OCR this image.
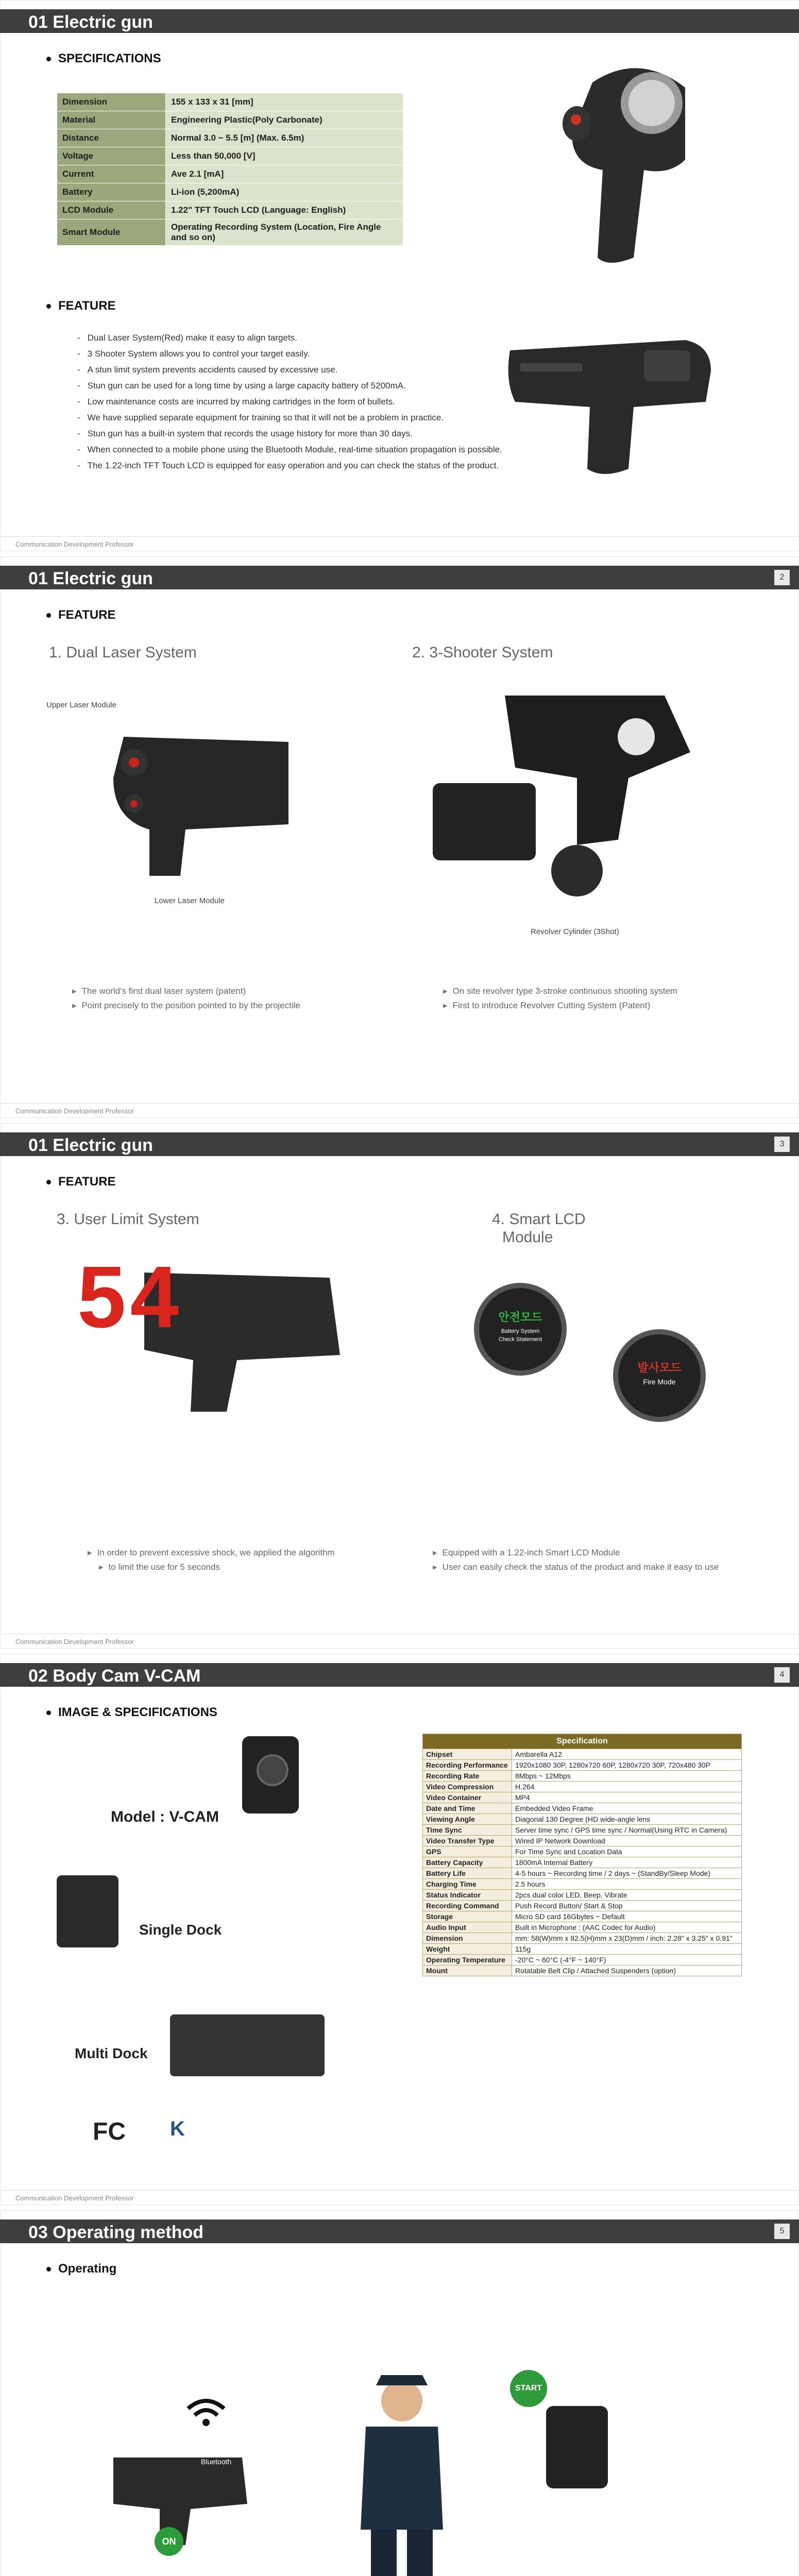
01 Electric gun
SPECIFICATIONS
Dimension	155 x 133 x 31 [mm]
Material	Engineering Plastic(Poly Carbonate)
Distance	Normal 3.0 ~ 5.5 [m] (Max. 6.5m)
Voltage	Less than 50,000 [V]
Current	Ave 2.1 [mA]
Battery	Li-ion (5,200mA)
LCD Module	1.22" TFT Touch LCD (Language: English)
Smart Module	Operating Recording System (Location, Fire Angle and so on)
FEATURE
- Dual Laser System(Red) make it easy to align targets.
- 3 Shooter System allows you to control your target easily.
- A stun limit system prevents accidents caused by excessive use.
- Stun gun can be used for a long time by using a large capacity battery of 5200mA.
- Low maintenance costs are incurred by making cartridges in the form of bullets.
- We have supplied separate equipment for training so that it will not be a problem in practice.
- Stun gun has a built-in system that records the usage history for more than 30 days.
- When connected to a mobile phone using the Bluetooth Module, real-time situation propagation is possible.
- The 1.22-inch TFT Touch LCD is equipped for easy operation and you can check the status of the product.
Communication Development Professor
01 Electric gun	2
FEATURE
1. Dual Laser System	2. 3-Shooter System
Upper Laser Module
Lower Laser Module
Revolver Cylinder (3Shot)
▸ The world's first dual laser system (patent)
▸ Point precisely to the position pointed to by the projectile
▸ On site revolver type 3-stroke continuous shooting system
▸ First to introduce Revolver Cutting System (Patent)
Communication Development Professor
01 Electric gun	3
FEATURE
3. User Limit System	4. Smart LCD
Module
54	안전모드
Battery System
Check Statement
발사모드
Fire Mode
▸ In order to prevent excessive shock, we applied the algorithm
▸ to limit the use for 5 seconds
▸ Equipped with a 1.22-inch Smart LCD Module
▸ User can easily check the status of the product and make it easy to use
Communication Development Professor
02 Body Cam V-CAM	4
IMAGE & SPECIFICATIONS
Model : V-CAM
Single Dock
Multi Dock
FC K
Specification	
Chipset	Ambarella A12
Recording Performance	1920x1080 30P, 1280x720 60P, 1280x720 30P, 720x480 30P
Recording Rate	8Mbps ~ 12Mbps
Video Compression	H.264
Video Container	MP4
Date and Time	Embedded Video Frame
Viewing Angle	Diagonal 130 Degree (HD wide-angle lens
Time Sync	Server time sync / GPS time sync / Normal(Using RTC in Camera)
Video Transfer Type	Wired IP Network Download
GPS	For Time Sync and Location Data
Battery Capacity	1800mA Internal Battery
Battery Life	4-5 hours ~ Recording time / 2 days ~ (StandBy/Sleep Mode)
Charging Time	2.5 hours
Status Indicator	2pcs dual color LED, Beep, Vibrate
Recording Command	Push Record Button/ Start & Stop
Storage	Micro SD card 16Gbytes ~ Default
Audio Input	Built in Microphone : (AAC Codec for Audio)
Dimension	mm: 58(W)mm x 82.5(H)mm x 23(D)mm / inch: 2.28" x 3.25" x 0.91"
Weight	115g
Operating Temperature	-20°C ~ 60°C (-4°F ~ 140°F)
Mount	Rotatable Belt Clip / Attached Suspenders (option)
Communication Development Professor
03 Operating method	5
Operating
Bluetooth
ON
START
